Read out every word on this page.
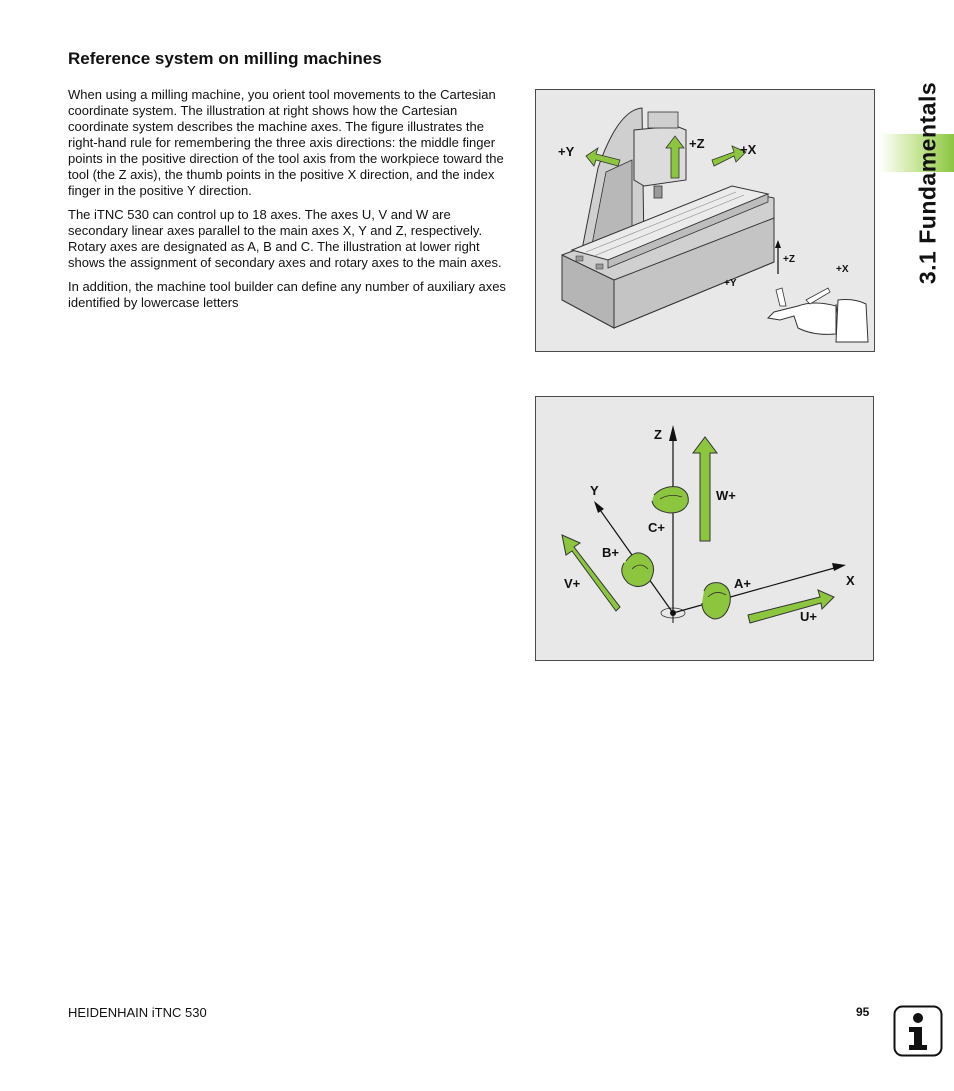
Reference system on milling machines

When using a milling machine, you orient tool movements to the Cartesian coordinate system. The illustration at right shows how the Cartesian coordinate system describes the machine axes. The figure illustrates the right-hand rule for remembering the three axis directions: the middle finger points in the positive direction of the tool axis from the workpiece toward the tool (the Z axis), the thumb points in the positive X direction, and the index finger in the positive Y direction.

The iTNC 530 can control up to 18 axes. The axes U, V and W are secondary linear axes parallel to the main axes X, Y and Z, respectively. Rotary axes are designated as A, B and C. The illustration at lower right shows the assignment of secondary axes and rotary axes to the main axes.

In addition, the machine tool builder can define any number of auxiliary axes identified by lowercase letters

+Y
+Z	+X
+Z
+X
+Y
Z
Y
X
W+
C+
B+
V+	A+
U+
3.1 Fundamentals
HEIDENHAIN iTNC 530	95
